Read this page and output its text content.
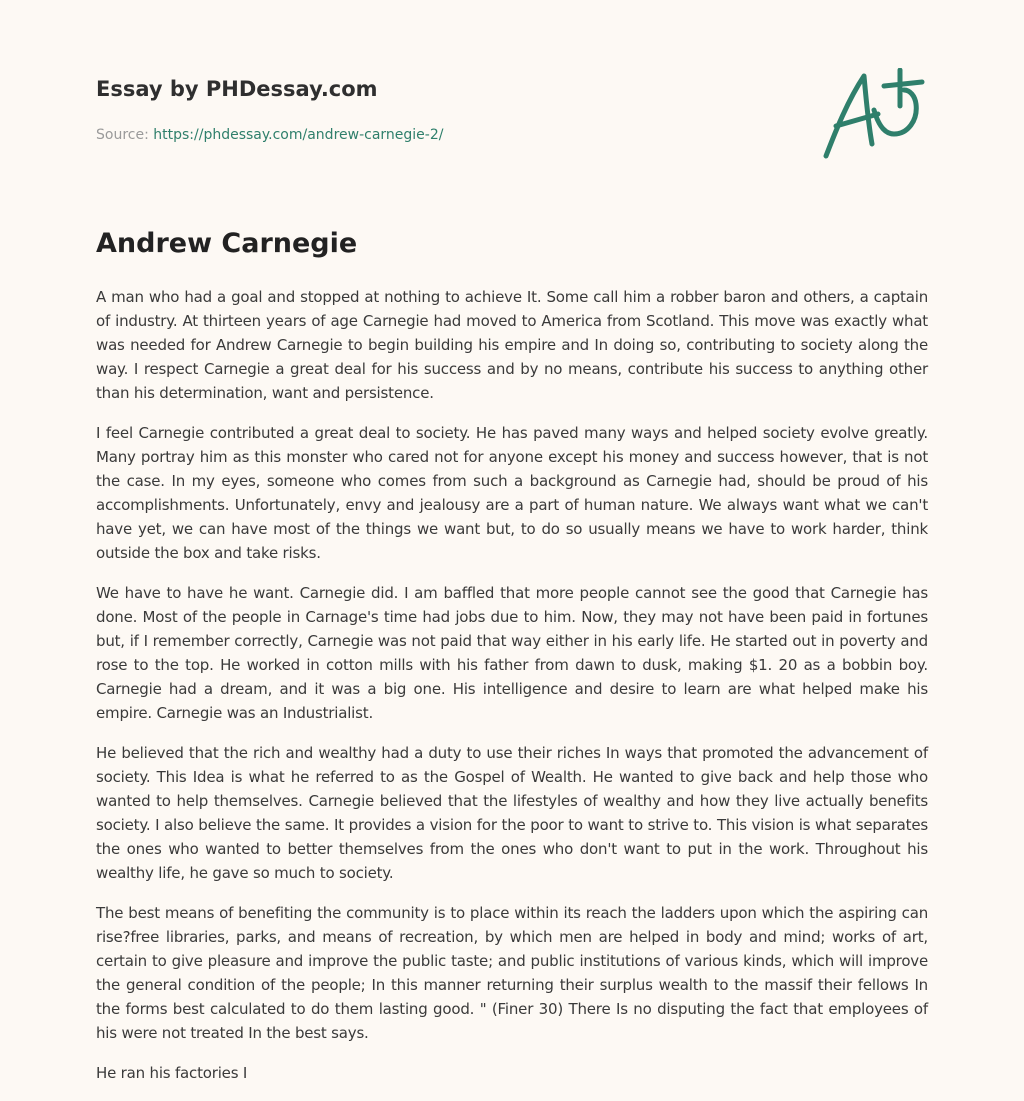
Essay by PHDessay.com
Source: https://phdessay.com/andrew-carnegie-2/
Andrew Carnegie

A man who had a goal and stopped at nothing to achieve It. Some call him a robber baron and others, a captain of industry. At thirteen years of age Carnegie had moved to America from Scotland. This move was exactly what was needed for Andrew Carnegie to begin building his empire and In doing so, contributing to society along the way. I respect Carnegie a great deal for his success and by no means, contribute his success to anything other than his determination, want and persistence.

I feel Carnegie contributed a great deal to society. He has paved many ways and helped society evolve greatly. Many portray him as this monster who cared not for anyone except his money and success however, that is not the case. In my eyes, someone who comes from such a background as Carnegie had, should be proud of his accomplishments. Unfortunately, envy and jealousy are a part of human nature. We always want what we can't have yet, we can have most of the things we want but, to do so usually means we have to work harder, think outside the box and take risks.

We have to have he want. Carnegie did. I am baffled that more people cannot see the good that Carnegie has done. Most of the people in Carnage's time had jobs due to him. Now, they may not have been paid in fortunes but, if I remember correctly, Carnegie was not paid that way either in his early life. He started out in poverty and rose to the top. He worked in cotton mills with his father from dawn to dusk, making $1. 20 as a bobbin boy. Carnegie had a dream, and it was a big one. His intelligence and desire to learn are what helped make his empire. Carnegie was an Industrialist.

He believed that the rich and wealthy had a duty to use their riches In ways that promoted the advancement of society. This Idea is what he referred to as the Gospel of Wealth. He wanted to give back and help those who wanted to help themselves. Carnegie believed that the lifestyles of wealthy and how they live actually benefits society. I also believe the same. It provides a vision for the poor to want to strive to. This vision is what separates the ones who wanted to better themselves from the ones who don't want to put in the work. Throughout his wealthy life, he gave so much to society.

The best means of benefiting the community is to place within its reach the ladders upon which the aspiring can rise?free libraries, parks, and means of recreation, by which men are helped in body and mind; works of art, certain to give pleasure and improve the public taste; and public institutions of various kinds, which will improve the general condition of the people; In this manner returning their surplus wealth to the massif their fellows In the forms best calculated to do them lasting good. " (Finer 30) There Is no disputing the fact that employees of his were not treated In the best says.

He ran his factories I
